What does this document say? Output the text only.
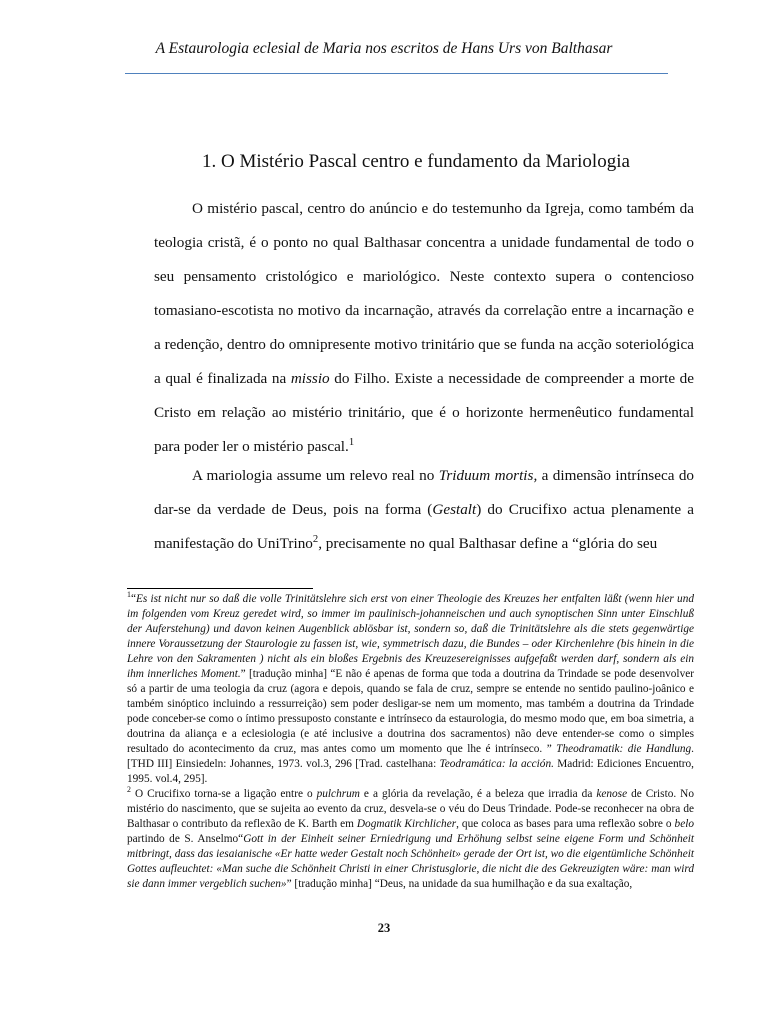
A Estaurologia eclesial de Maria nos escritos de Hans Urs von Balthasar
1. O Mistério Pascal centro e fundamento da Mariologia

O mistério pascal, centro do anúncio e do testemunho da Igreja, como também da teologia cristã, é o ponto no qual Balthasar concentra a unidade fundamental de todo o seu pensamento cristológico e mariológico. Neste contexto supera o contencioso tomasiano-escotista no motivo da incarnação, através da correlação entre a incarnação e a redenção, dentro do omnipresente motivo trinitário que se funda na acção soteriológica a qual é finalizada na missio do Filho. Existe a necessidade de compreender a morte de Cristo em relação ao mistério trinitário, que é o horizonte hermenêutico fundamental para poder ler o mistério pascal.$^1$

A mariologia assume um relevo real no Triduum mortis, a dimensão intrínseca do dar-se da verdade de Deus, pois na forma (Gestalt) do Crucifixo actua plenamente a manifestação do UniTrino$^2$, precisamente no qual Balthasar define a “glória do seu

$^1$“Es ist nicht nur so daß die volle Trinitätslehre sich erst von einer Theologie des Kreuzes her entfalten läßt (wenn hier und im folgenden vom Kreuz geredet wird, so immer im paulinisch-johanneischen und auch synoptischen Sinn unter Einschluß der Auferstehung) und davon keinen Augenblick ablösbar ist, sondern so, daß die Trinitätslehre als die stets gegenwärtige innere Voraussetzung der Staurologie zu fassen ist, wie, symmetrisch dazu, die Bundes – oder Kirchenlehre (bis hinein in die Lehre von den Sakramenten ) nicht als ein bloßes Ergebnis des Kreuzesereignisses aufgefaßt werden darf, sondern als ein ihm innerliches Moment.” [tradução minha] “E não é apenas de forma que toda a doutrina da Trindade se pode desenvolver só a partir de uma teologia da cruz (agora e depois, quando se fala de cruz, sempre se entende no sentido paulino-joânico e também sinóptico incluindo a ressurreição) sem poder desligar-se nem um momento, mas também a doutrina da Trindade pode conceber-se como o íntimo pressuposto constante e intrínseco da estaurologia, do mesmo modo que, em boa simetria, a doutrina da aliança e a eclesiologia (e até inclusive a doutrina dos sacramentos) não deve entender-se como o simples resultado do acontecimento da cruz, mas antes como um momento que lhe é intrínseco. ” Theodramatik: die Handlung. [THD III] Einsiedeln: Johannes, 1973. vol.3, 296 [Trad. castelhana: Teodramática: la acción. Madrid: Ediciones Encuentro, 1995. vol.4, 295].

$^2$ O Crucifixo torna-se a ligação entre o pulchrum e a glória da revelação, é a beleza que irradia da kenose de Cristo. No mistério do nascimento, que se sujeita ao evento da cruz, desvela-se o véu do Deus Trindade. Pode-se reconhecer na obra de Balthasar o contributo da reflexão de K. Barth em Dogmatik Kirchlicher, que coloca as bases para uma reflexão sobre o belo partindo de S. Anselmo“Gott in der Einheit seiner Erniedrigung und Erhöhung selbst seine eigene Form und Schönheit mitbringt, dass das iesaianische «Er hatte weder Gestalt noch Schönheit» gerade der Ort ist, wo die eigentümliche Schönheit Gottes aufleuchtet: «Man suche die Schönheit Christi in einer Christusglorie, die nicht die des Gekreuzigten wäre: man wird sie dann immer vergeblich suchen»” [tradução minha] “Deus, na unidade da sua humilhação e da sua exaltação,

23
